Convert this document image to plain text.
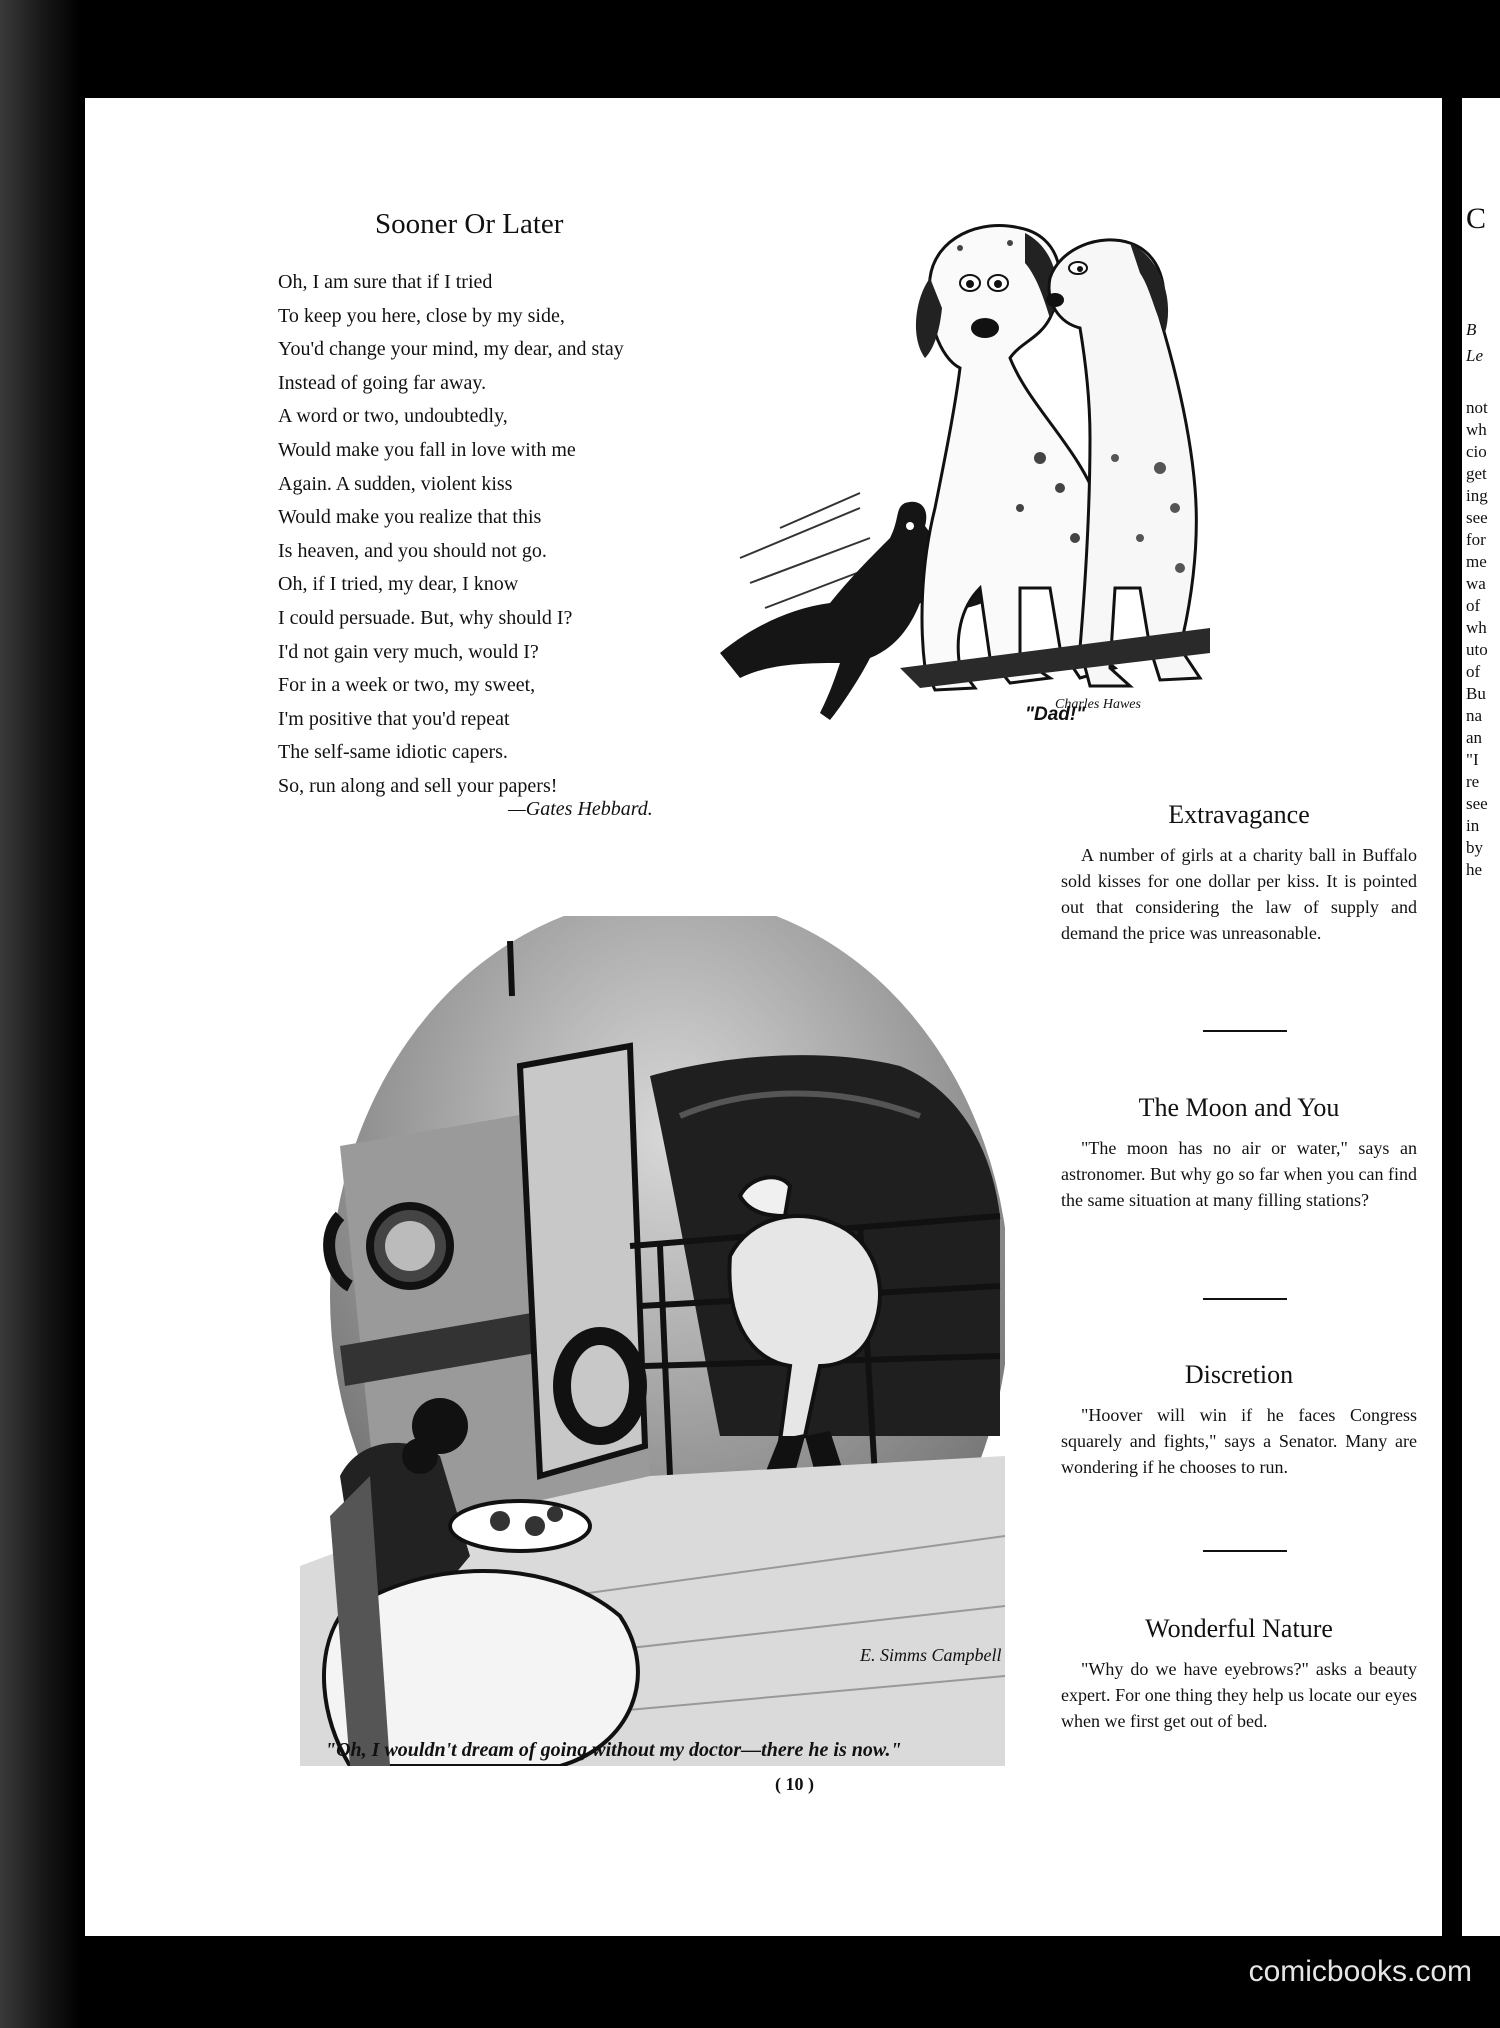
Sooner Or Later
Oh, I am sure that if I tried
To keep you here, close by my side,
You'd change your mind, my dear, and stay
Instead of going far away.
A word or two, undoubtedly,
Would make you fall in love with me
Again. A sudden, violent kiss
Would make you realize that this
Is heaven, and you should not go.
Oh, if I tried, my dear, I know
I could persuade. But, why should I?
I'd not gain very much, would I?
For in a week or two, my sweet,
I'm positive that you'd repeat
The self-same idiotic capers.
So, run along and sell your papers!
—Gates Hebbard.
Charles Hawes
"Dad!"
E. Simms Campbell
"Oh, I wouldn't dream of going without my doctor—there he is now."
( 10 )
Extravagance

A number of girls at a charity ball in Buffalo sold kisses for one dollar per kiss. It is pointed out that considering the law of supply and demand the price was unreasonable.

The Moon and You

"The moon has no air or water," says an astronomer. But why go so far when you can find the same situation at many filling stations?

Discretion

"Hoover will win if he faces Congress squarely and fights," says a Senator. Many are wondering if he chooses to run.

Wonderful Nature

"Why do we have eyebrows?" asks a beauty expert. For one thing they help us locate our eyes when we first get out of bed.

C
B
Le
not
wh
cio
get
ing
see
for
me
wa
of
wh
uto
of
Bu
na
an
"I
re
see
in
by
he
comicbooks.com
